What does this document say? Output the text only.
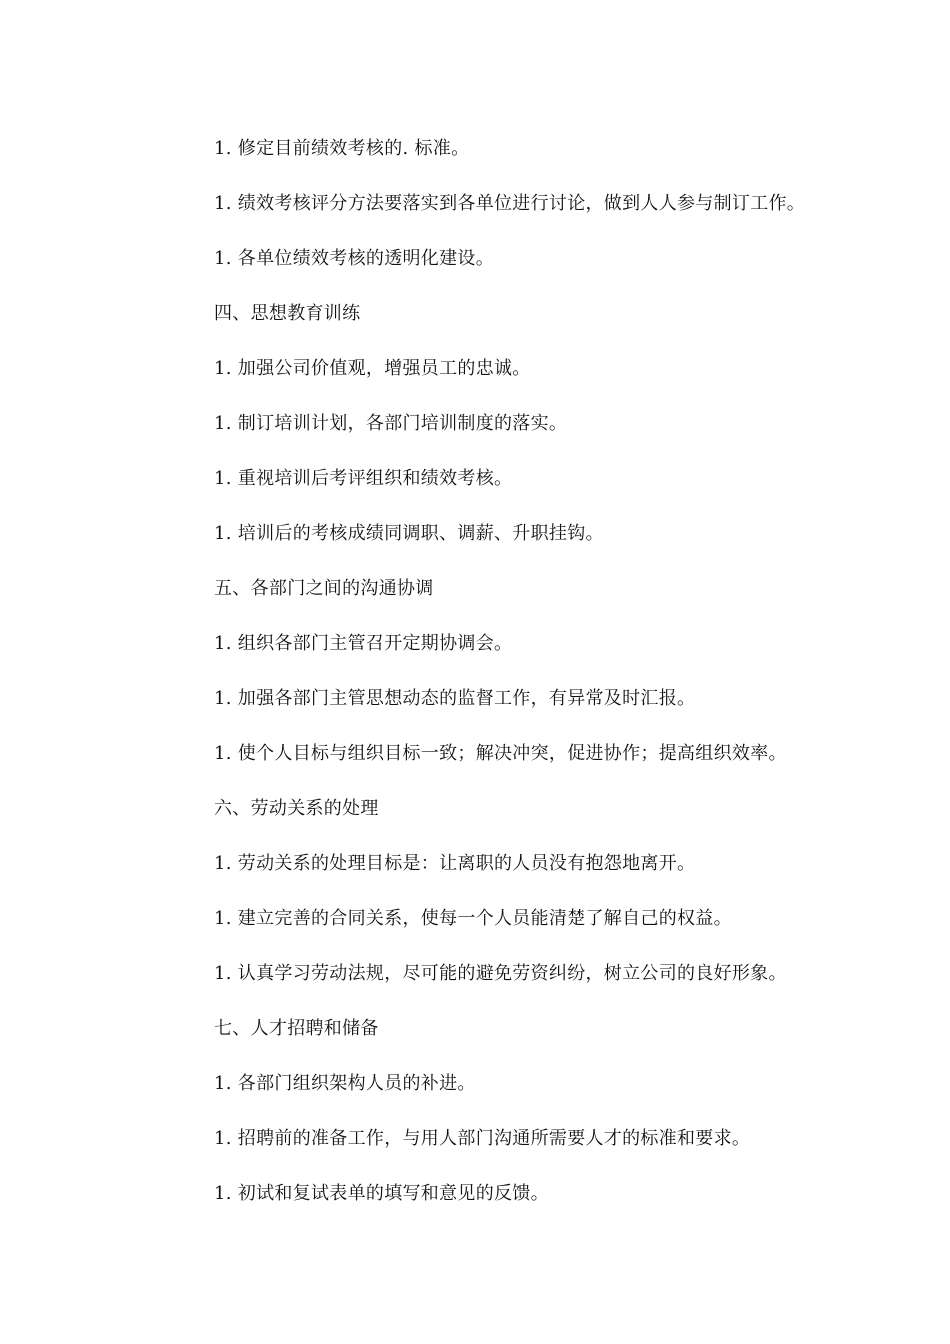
1. 修定目前绩效考核的. 标准。
1. 绩效考核评分方法要落实到各单位进行讨论，做到人人参与制订工作。
1. 各单位绩效考核的透明化建设。
四、思想教育训练
1. 加强公司价值观，增强员工的忠诚。
1. 制订培训计划，各部门培训制度的落实。
1. 重视培训后考评组织和绩效考核。
1. 培训后的考核成绩同调职、调薪、升职挂钩。
五、各部门之间的沟通协调
1. 组织各部门主管召开定期协调会。
1. 加强各部门主管思想动态的监督工作，有异常及时汇报。
1. 使个人目标与组织目标一致；解决冲突，促进协作；提高组织效率。
六、劳动关系的处理
1. 劳动关系的处理目标是：让离职的人员没有抱怨地离开。
1. 建立完善的合同关系，使每一个人员能清楚了解自己的权益。
1. 认真学习劳动法规，尽可能的避免劳资纠纷，树立公司的良好形象。
七、人才招聘和储备
1. 各部门组织架构人员的补进。
1. 招聘前的准备工作，与用人部门沟通所需要人才的标准和要求。
1. 初试和复试表单的填写和意见的反馈。
